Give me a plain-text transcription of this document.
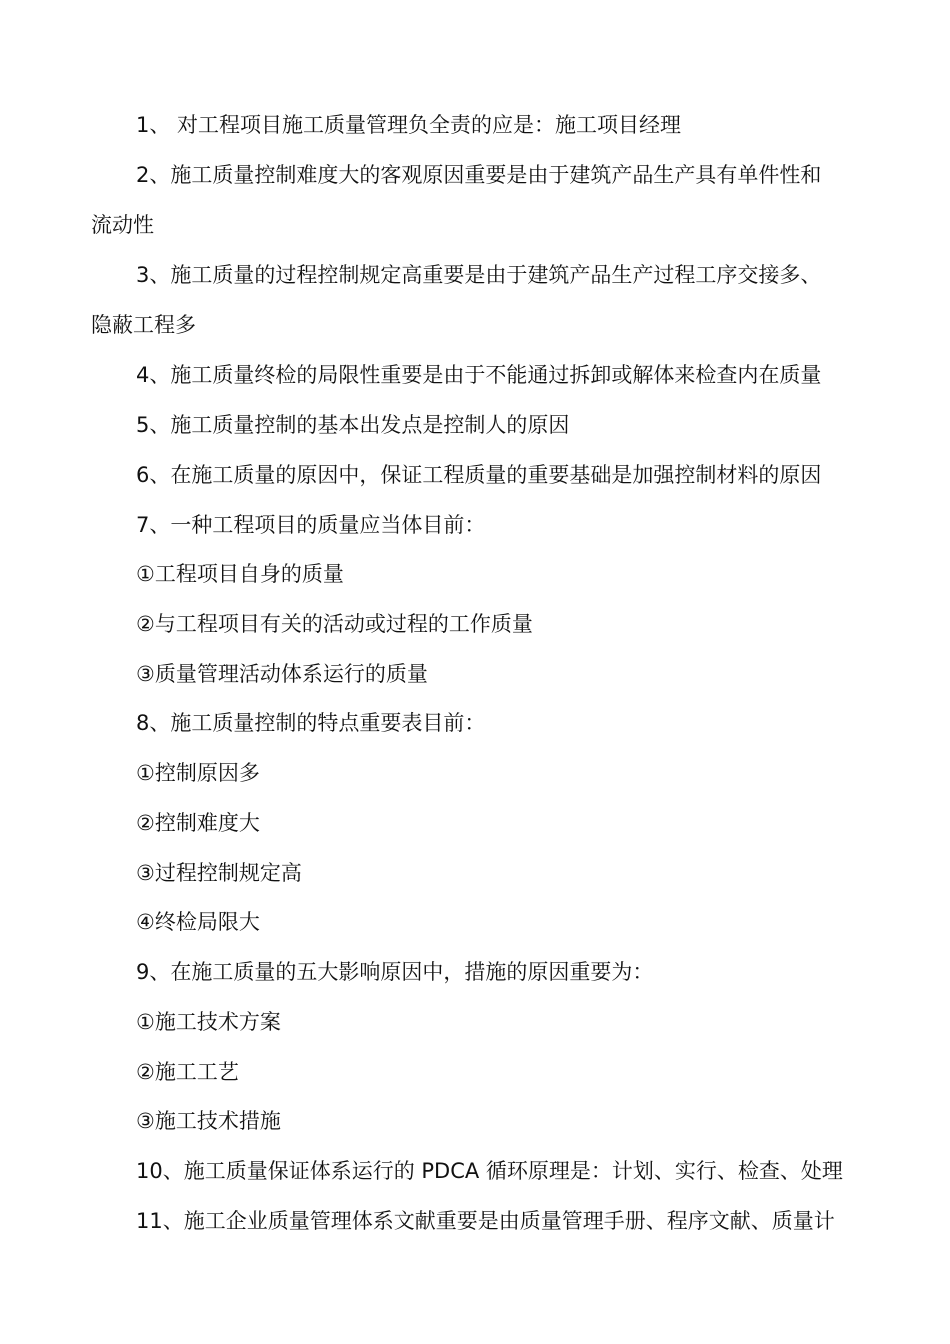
1、 对工程项目施工质量管理负全责的应是：施工项目经理

2、施工质量控制难度大的客观原因重要是由于建筑产品生产具有单件性和
流动性

3、施工质量的过程控制规定高重要是由于建筑产品生产过程工序交接多、
隐蔽工程多

4、施工质量终检的局限性重要是由于不能通过拆卸或解体来检查内在质量

5、施工质量控制的基本出发点是控制人的原因

6、在施工质量的原因中，保证工程质量的重要基础是加强控制材料的原因

7、一种工程项目的质量应当体目前：

①工程项目自身的质量

②与工程项目有关的活动或过程的工作质量

③质量管理活动体系运行的质量

8、施工质量控制的特点重要表目前：

①控制原因多

②控制难度大

③过程控制规定高

④终检局限大

9、在施工质量的五大影响原因中，措施的原因重要为：

①施工技术方案

②施工工艺

③施工技术措施

10、施工质量保证体系运行的 PDCA 循环原理是：计划、实行、检查、处理

11、施工企业质量管理体系文献重要是由质量管理手册、程序文献、质量计
